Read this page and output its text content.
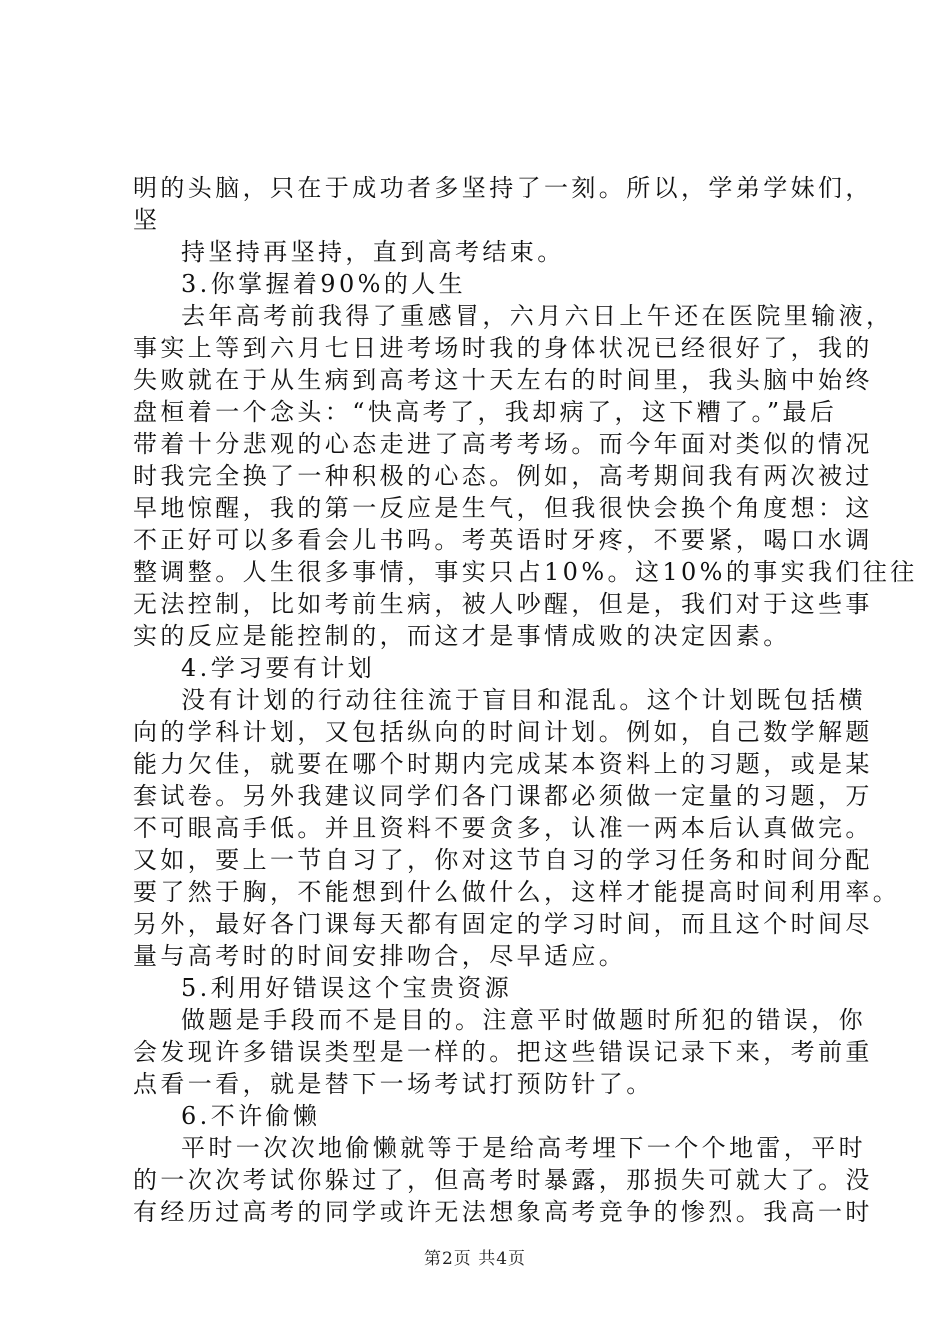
明的头脑，只在于成功者多坚持了一刻。所以，学弟学妹们，
坚
持坚持再坚持，直到高考结束。
3.你掌握着90%的人生
去年高考前我得了重感冒，六月六日上午还在医院里输液，
事实上等到六月七日进考场时我的身体状况已经很好了，我的
失败就在于从生病到高考这十天左右的时间里，我头脑中始终
盘桓着一个念头：“快高考了，我却病了，这下糟了。”最后
带着十分悲观的心态走进了高考考场。而今年面对类似的情况
时我完全换了一种积极的心态。例如，高考期间我有两次被过
早地惊醒，我的第一反应是生气，但我很快会换个角度想：这
不正好可以多看会儿书吗。考英语时牙疼，不要紧，喝口水调
整调整。人生很多事情，事实只占10%。这10%的事实我们往往
无法控制，比如考前生病，被人吵醒，但是，我们对于这些事
实的反应是能控制的，而这才是事情成败的决定因素。
4.学习要有计划
没有计划的行动往往流于盲目和混乱。这个计划既包括横
向的学科计划，又包括纵向的时间计划。例如，自己数学解题
能力欠佳，就要在哪个时期内完成某本资料上的习题，或是某
套试卷。另外我建议同学们各门课都必须做一定量的习题，万
不可眼高手低。并且资料不要贪多，认准一两本后认真做完。
又如，要上一节自习了，你对这节自习的学习任务和时间分配
要了然于胸，不能想到什么做什么，这样才能提高时间利用率。
另外，最好各门课每天都有固定的学习时间，而且这个时间尽
量与高考时的时间安排吻合，尽早适应。
5.利用好错误这个宝贵资源
做题是手段而不是目的。注意平时做题时所犯的错误，你
会发现许多错误类型是一样的。把这些错误记录下来，考前重
点看一看，就是替下一场考试打预防针了。
6.不许偷懒
平时一次次地偷懒就等于是给高考埋下一个个地雷，平时
的一次次考试你躲过了，但高考时暴露，那损失可就大了。没
有经历过高考的同学或许无法想象高考竞争的惨烈。我高一时
第2页 共4页
